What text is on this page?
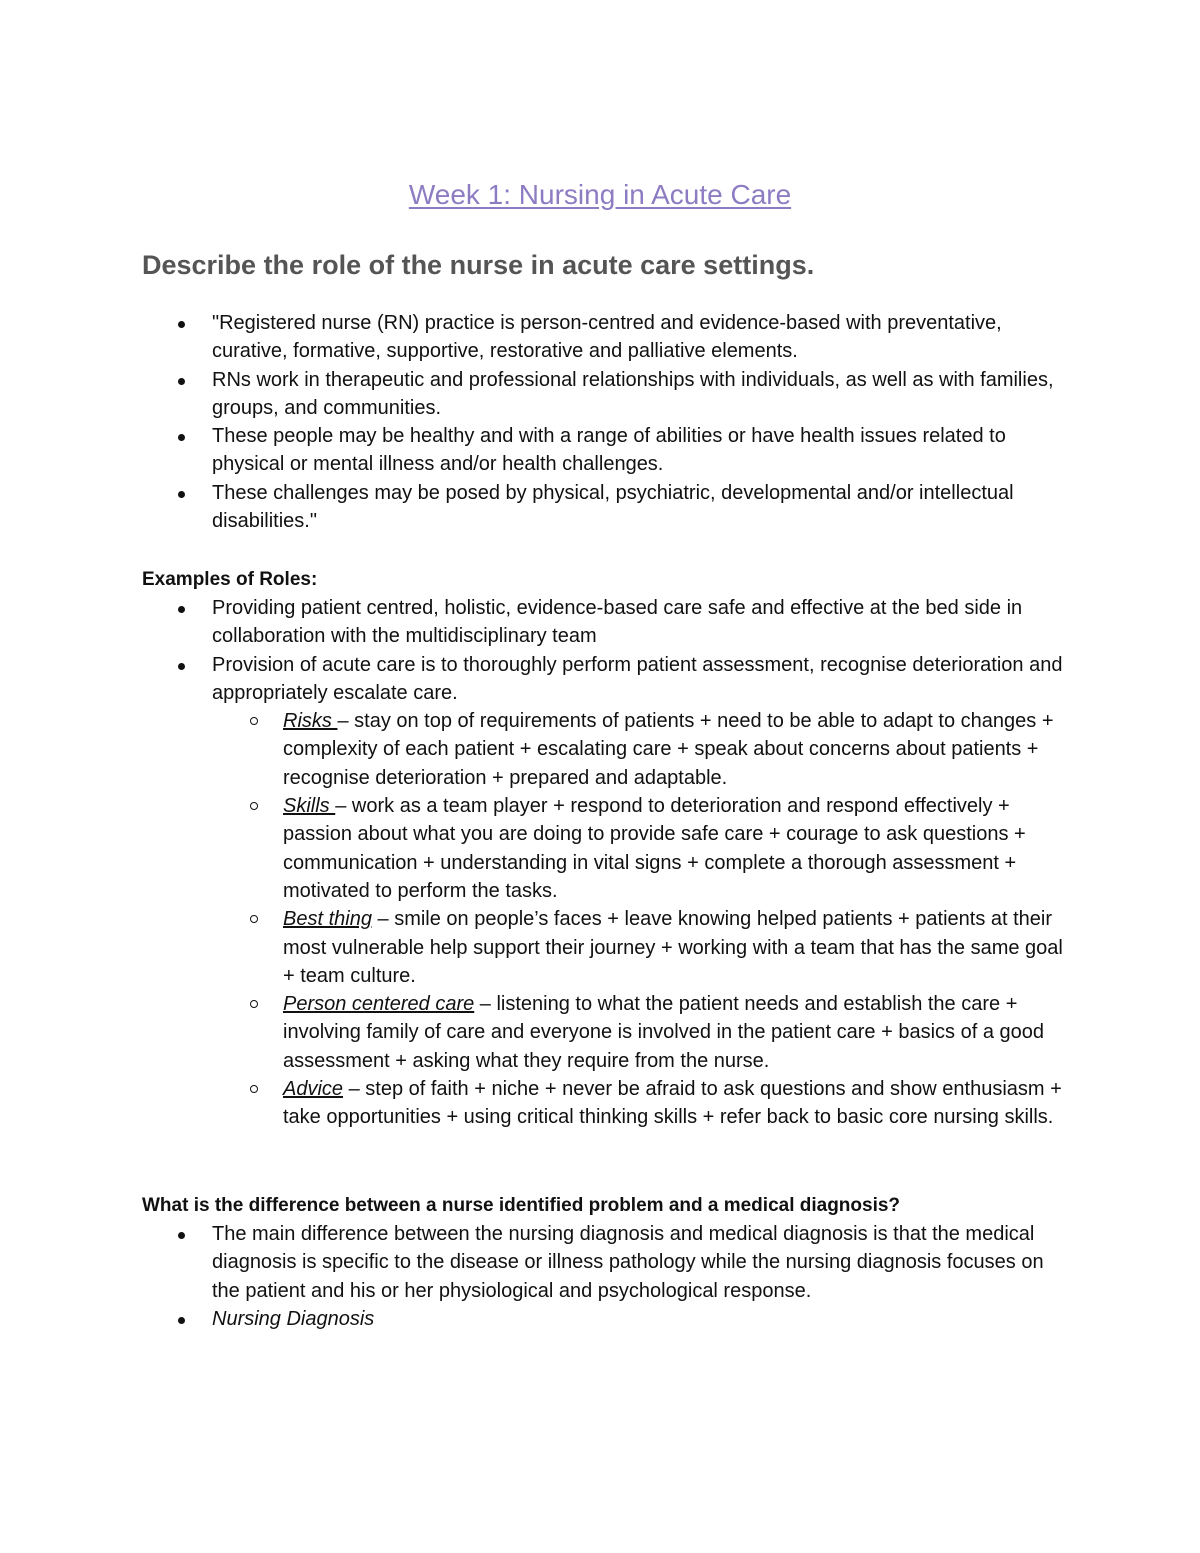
Week 1: Nursing in Acute Care
Describe the role of the nurse in acute care settings.
"Registered nurse (RN) practice is person-centred and evidence-based with preventative, curative, formative, supportive, restorative and palliative elements.
RNs work in therapeutic and professional relationships with individuals, as well as with families, groups, and communities.
These people may be healthy and with a range of abilities or have health issues related to physical or mental illness and/or health challenges.
These challenges may be posed by physical, psychiatric, developmental and/or intellectual disabilities."
Examples of Roles:
Providing patient centred, holistic, evidence-based care safe and effective at the bed side in collaboration with the multidisciplinary team
Provision of acute care is to thoroughly perform patient assessment, recognise deterioration and appropriately escalate care.
Risks – stay on top of requirements of patients + need to be able to adapt to changes + complexity of each patient + escalating care + speak about concerns about patients + recognise deterioration + prepared and adaptable.
Skills – work as a team player + respond to deterioration and respond effectively + passion about what you are doing to provide safe care + courage to ask questions + communication + understanding in vital signs + complete a thorough assessment + motivated to perform the tasks.
Best thing – smile on people’s faces + leave knowing helped patients + patients at their most vulnerable help support their journey + working with a team that has the same goal + team culture.
Person centered care – listening to what the patient needs and establish the care + involving family of care and everyone is involved in the patient care + basics of a good assessment + asking what they require from the nurse.
Advice – step of faith + niche + never be afraid to ask questions and show enthusiasm + take opportunities + using critical thinking skills + refer back to basic core nursing skills.
What is the difference between a nurse identified problem and a medical diagnosis?
The main difference between the nursing diagnosis and medical diagnosis is that the medical diagnosis is specific to the disease or illness pathology while the nursing diagnosis focuses on the patient and his or her physiological and psychological response.
Nursing Diagnosis
